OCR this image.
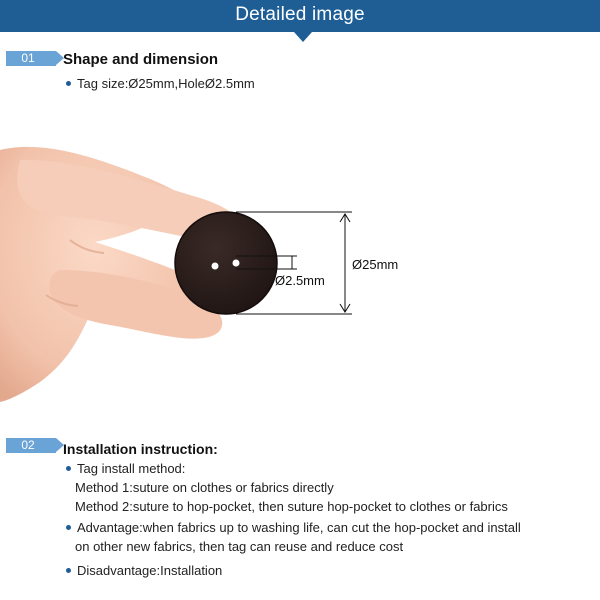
Detailed image
01	Shape and dimension
Tag size:Ø25mm,HoleØ2.5mm
Ø2.5mm
Ø25mm
02	Installation instruction:
Tag install method:
Method 1:suture on clothes or fabrics directly
Method 2:suture to hop-pocket, then suture hop-pocket to clothes or fabrics
Advantage:when fabrics up to washing life, can cut the hop-pocket and install
on other new fabrics, then tag can reuse and reduce cost
Disadvantage:Installation
